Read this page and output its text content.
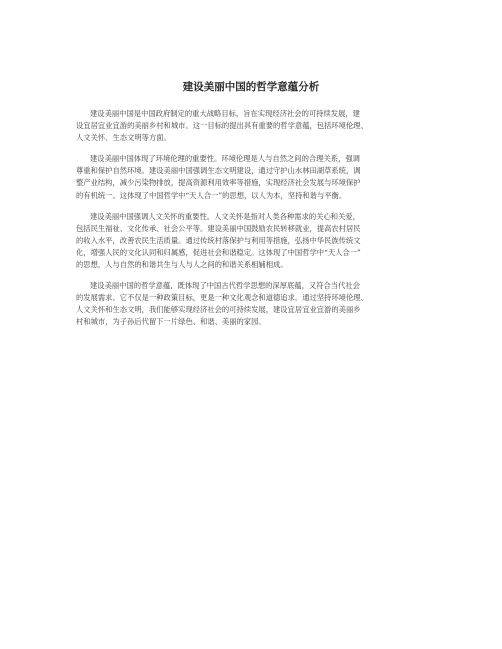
建设美丽中国的哲学意蕴分析

建设美丽中国是中国政府制定的重大战略目标，旨在实现经济社会的可持续发展，建
设宜居宜业宜游的美丽乡村和城市。这一目标的提出具有重要的哲学意蕴，包括环境伦理、
人文关怀、生态文明等方面。

建设美丽中国体现了环境伦理的重要性。环境伦理是人与自然之间的合理关系，强调
尊重和保护自然环境。建设美丽中国强调生态文明建设，通过守护山水林田湖草系统，调
整产业结构，减少污染物排放，提高资源利用效率等措施，实现经济社会发展与环境保护
的有机统一。这体现了中国哲学中“天人合一”的思想，以人为本，坚持和谐与平衡。

建设美丽中国强调人文关怀的重要性。人文关怀是指对人类各种需求的关心和关爱，
包括民生福祉、文化传承、社会公平等。建设美丽中国鼓励农民转移就业，提高农村居民
的收入水平，改善农民生活质量。通过传统村落保护与利用等措施，弘扬中华民族传统文
化，增强人民的文化认同和归属感，促进社会和谐稳定。这体现了中国哲学中“天人合一”
的思想，人与自然的和谐共生与人与人之间的和谐关系相辅相成。

建设美丽中国的哲学意蕴，既体现了中国古代哲学思想的深厚底蕴，又符合当代社会
的发展需求。它不仅是一种政策目标，更是一种文化观念和道德追求。通过坚持环境伦理、
人文关怀和生态文明，我们能够实现经济社会的可持续发展，建设宜居宜业宜游的美丽乡
村和城市，为子孙后代留下一片绿色、和谐、美丽的家园。
